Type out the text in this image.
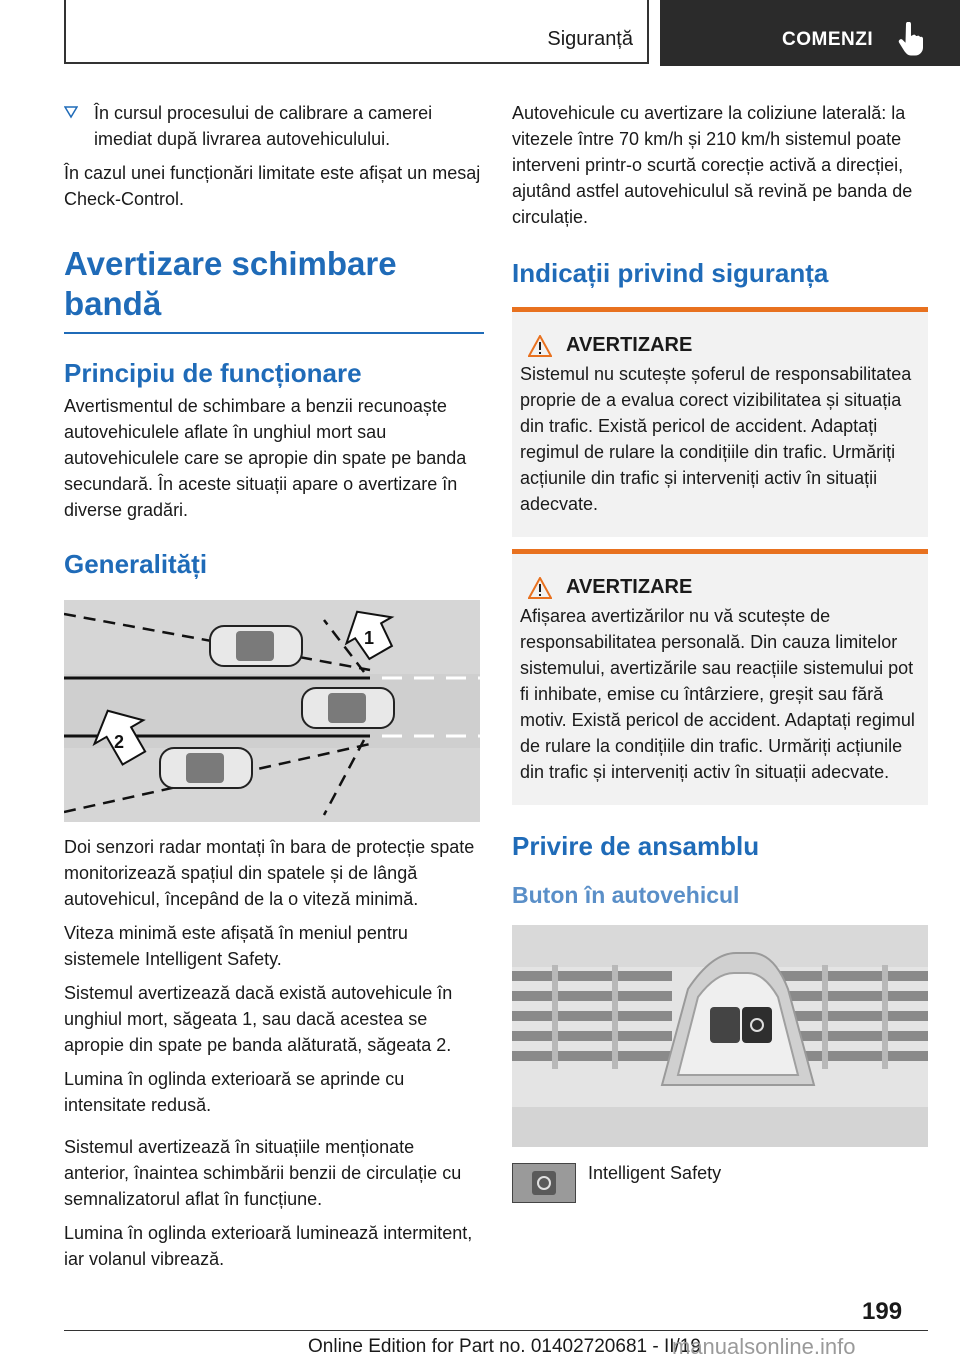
Siguranță	COMENZI

În cursul procesului de calibrare a camerei imediat după livrarea autovehiculului.

În cazul unei funcționări limitate este afișat un mesaj Check-Control.

Avertizare schimbare bandă
Principiu de funcționare

Avertismentul de schimbare a benzii recunoaște autovehiculele aflate în unghiul mort sau autovehiculele care se apropie din spate pe banda secundară. În aceste situații apare o avertizare în diverse gradări.

Generalități
1
2

Doi senzori radar montați în bara de protecție spate monitorizează spațiul din spatele și de lângă autovehicul, începând de la o viteză minimă.

Viteza minimă este afișată în meniul pentru sistemele Intelligent Safety.

Sistemul avertizează dacă există autovehicule în unghiul mort, săgeata 1, sau dacă acestea se apropie din spate pe banda alăturată, săgeata 2.

Lumina în oglinda exterioară se aprinde cu intensitate redusă.

Sistemul avertizează în situațiile menționate anterior, înaintea schimbării benzii de circulație cu semnalizatorul aflat în funcțiune.

Lumina în oglinda exterioară luminează intermitent, iar volanul vibrează.

Autovehicule cu avertizare la coliziune laterală: la vitezele între 70 km/h și 210 km/h sistemul poate interveni printr-o scurtă corecție activă a direcției, ajutând astfel autovehiculul să revină pe banda de circulație.

Indicații privind siguranța
AVERTIZARE

Sistemul nu scutește șoferul de responsabilitatea proprie de a evalua corect vizibilitatea și situația din trafic. Există pericol de accident. Adaptați regimul de rulare la condițiile din trafic. Urmăriți acțiunile din trafic și interveniți activ în situații adecvate.

AVERTIZARE

Afișarea avertizărilor nu vă scutește de responsabilitatea personală. Din cauza limitelor sistemului, avertizările sau reacțiile sistemului pot fi inhibate, emise cu întârziere, greșit sau fără motiv. Există pericol de accident. Adaptați regimul de rulare la condițiile din trafic. Urmăriți acțiunile din trafic și interveniți activ în situații adecvate.

Privire de ansamblu
Buton în autovehicul
Intelligent Safety
199
Online Edition for Part no. 01402720681 - II/19
manualsonline.info
